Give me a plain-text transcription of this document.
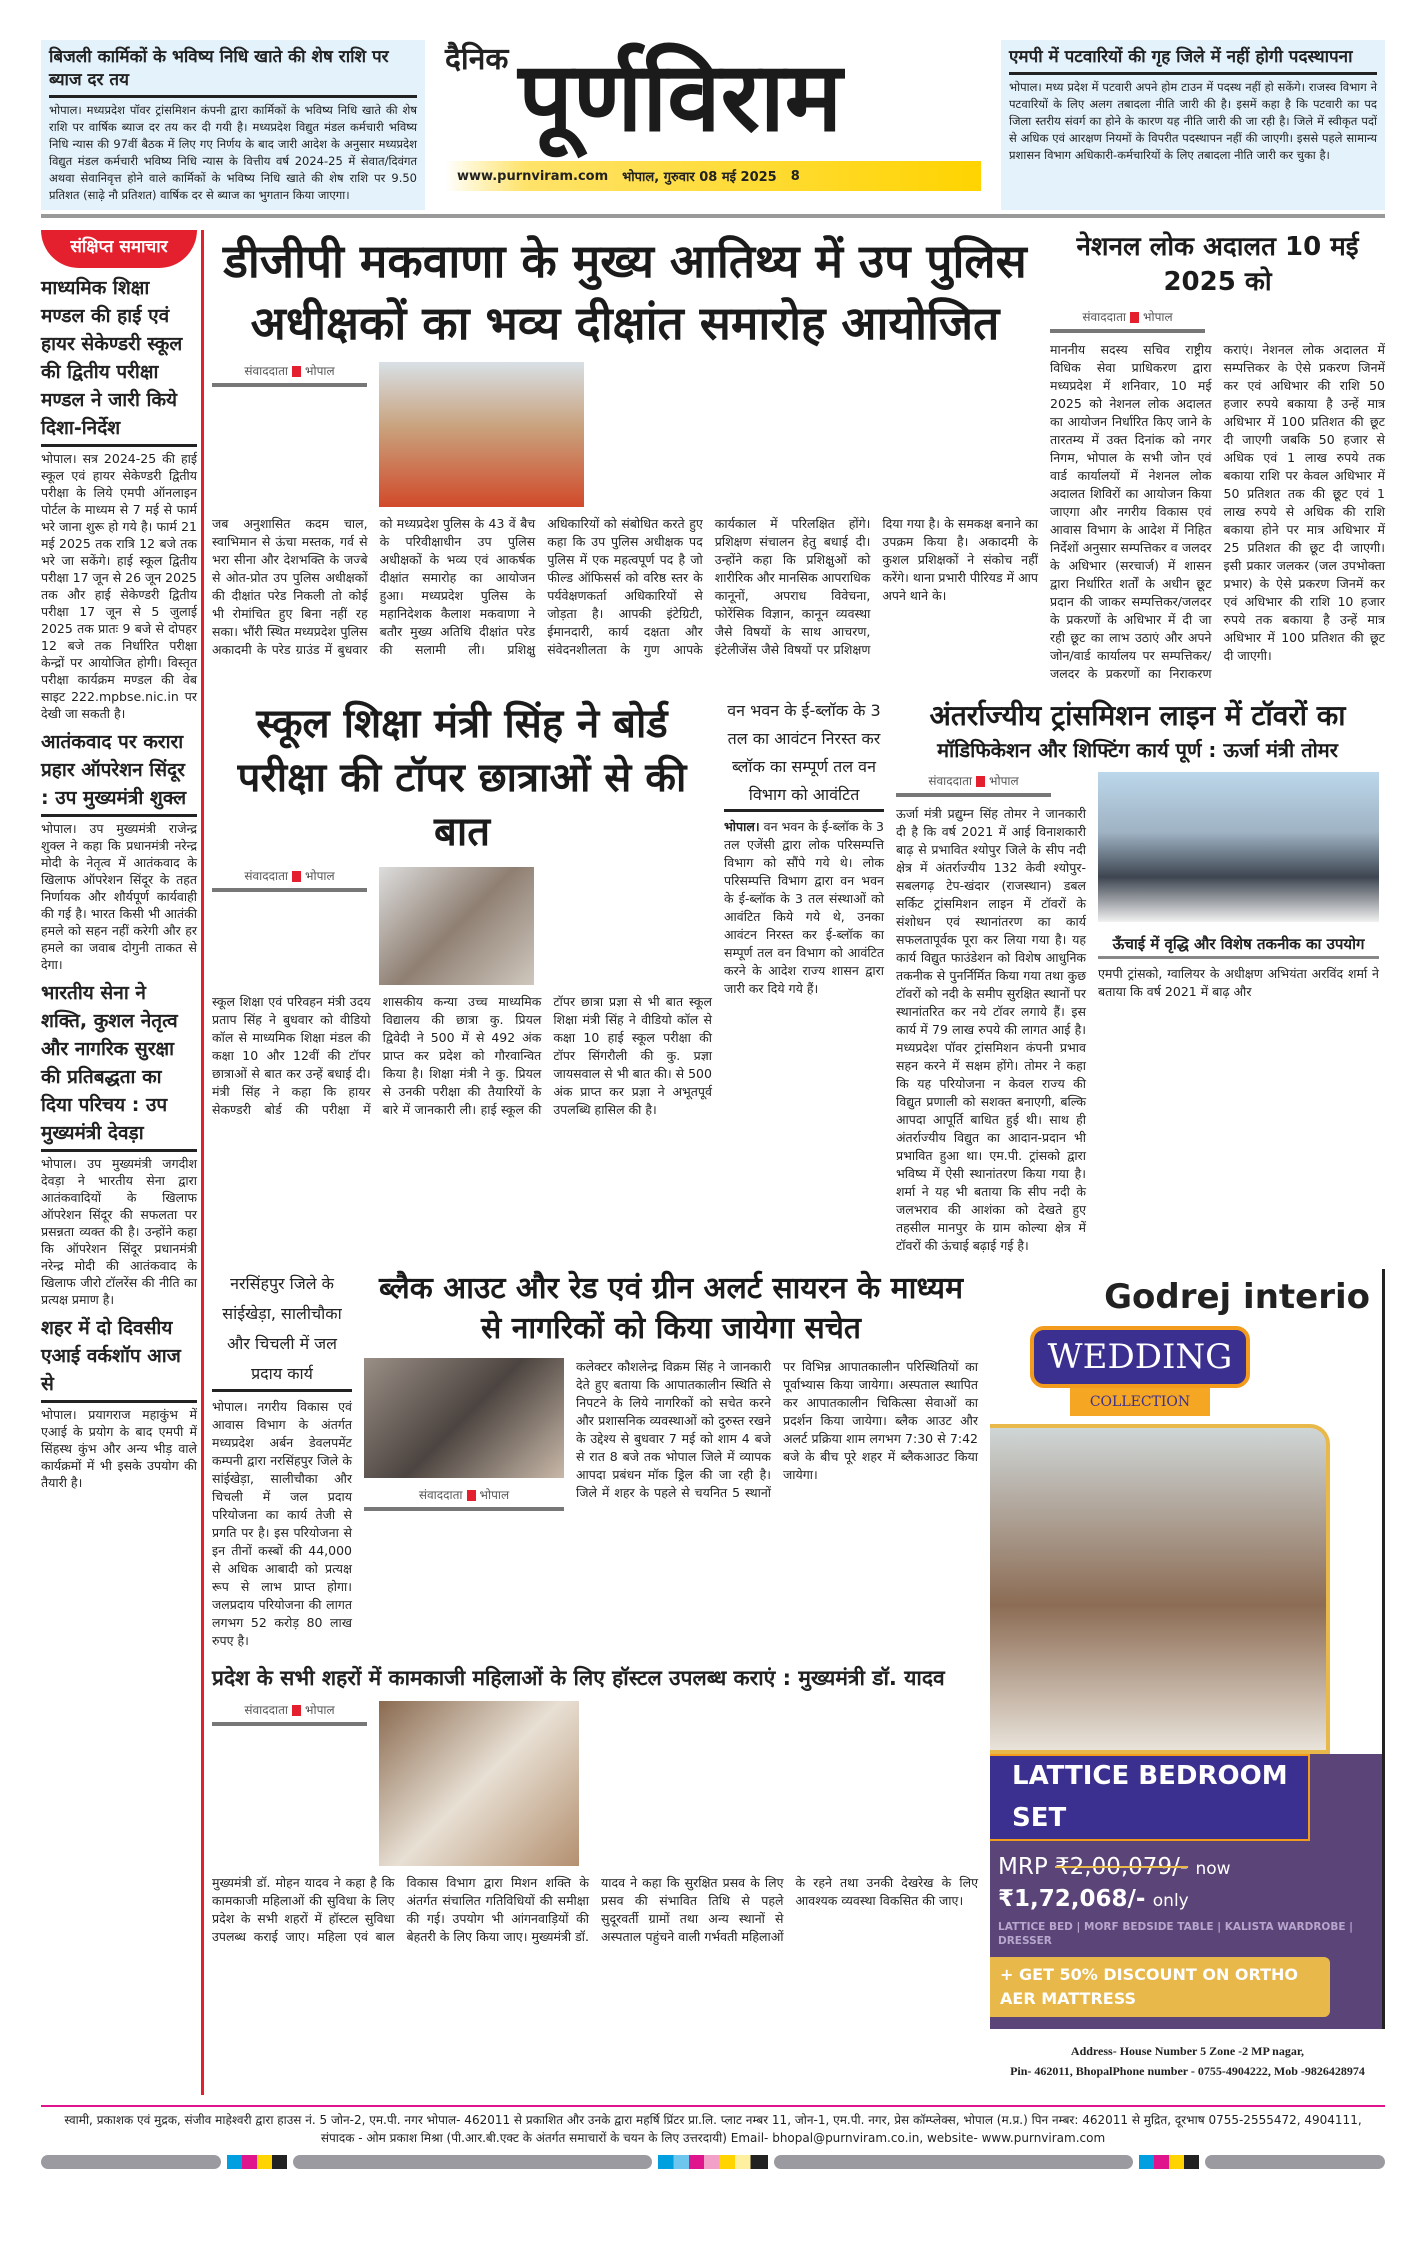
बिजली कार्मिकों के भविष्य निधि खाते की शेष राशि पर ब्याज दर तय

भोपाल। मध्यप्रदेश पॉवर ट्रांसमिशन कंपनी द्वारा कार्मिकों के भविष्य निधि खाते की शेष राशि पर वार्षिक ब्याज दर तय कर दी गयी है। मध्यप्रदेश विद्युत मंडल कर्मचारी भविष्य निधि न्यास की 97वीं बैठक में लिए गए निर्णय के बाद जारी आदेश के अनुसार मध्यप्रदेश विद्युत मंडल कर्मचारी भविष्य निधि न्यास के वित्तीय वर्ष 2024-25 में सेवात/दिवंगत अथवा सेवानिवृत्त होने वाले कार्मिकों के भविष्य निधि खाते की शेष राशि पर 9.50 प्रतिशत (साढ़े नौ प्रतिशत) वार्षिक दर से ब्याज का भुगतान किया जाएगा।

दैनिक पूर्णविराम
www.purnviram.com भोपाल, गुरुवार 08 मई 2025 8
एमपी में पटवारियों की गृह जिले में नहीं होगी पदस्थापना

भोपाल। मध्य प्रदेश में पटवारी अपने होम टाउन में पदस्थ नहीं हो सकेंगे। राजस्व विभाग ने पटवारियों के लिए अलग तबादला नीति जारी की है। इसमें कहा है कि पटवारी का पद जिला स्तरीय संवर्ग का होने के कारण यह नीति जारी की जा रही है। जिले में स्वीकृत पदों से अधिक एवं आरक्षण नियमों के विपरीत पदस्थापन नहीं की जाएगी। इससे पहले सामान्य प्रशासन विभाग अधिकारी-कर्मचारियों के लिए तबादला नीति जारी कर चुका है।

संक्षिप्त समाचार
माध्यमिक शिक्षा मण्डल की हाई एवं हायर सेकेण्डरी स्कूल की द्वितीय परीक्षा मण्डल ने जारी किये दिशा-निर्देश
भोपाल। सत्र 2024-25 की हाई स्कूल एवं हायर सेकेण्डरी द्वितीय परीक्षा के लिये एमपी ऑनलाइन पोर्टल के माध्यम से 7 मई से फार्म भरे जाना शुरू हो गये है। फार्म 21 मई 2025 तक रात्रि 12 बजे तक भरे जा सकेंगे। हाई स्कूल द्वितीय परीक्षा 17 जून से 26 जून 2025 तक और हाई सेकेण्डरी द्वितीय परीक्षा 17 जून से 5 जुलाई 2025 तक प्रातः 9 बजे से दोपहर 12 बजे तक निर्धारित परीक्षा केन्द्रों पर आयोजित होगी। विस्तृत परीक्षा कार्यक्रम मण्डल की वेब साइट 222.mpbse.nic.in पर देखी जा सकती है।
आतंकवाद पर करारा प्रहार ऑपरेशन सिंदूर : उप मुख्यमंत्री शुक्ल
भोपाल। उप मुख्यमंत्री राजेन्द्र शुक्ल ने कहा कि प्रधानमंत्री नरेन्द्र मोदी के नेतृत्व में आतंकवाद के खिलाफ ऑपरेशन सिंदूर के तहत निर्णायक और शौर्यपूर्ण कार्यवाही की गई है। भारत किसी भी आतंकी हमले को सहन नहीं करेगी और हर हमले का जवाब दोगुनी ताकत से देगा।
भारतीय सेना ने शक्ति, कुशल नेतृत्व और नागरिक सुरक्षा की प्रतिबद्धता का दिया परिचय : उप मुख्यमंत्री देवड़ा
भोपाल। उप मुख्यमंत्री जगदीश देवड़ा ने भारतीय सेना द्वारा आतंकवादियों के खिलाफ ऑपरेशन सिंदूर की सफलता पर प्रसन्नता व्यक्त की है। उन्होंने कहा कि ऑपरेशन सिंदूर प्रधानमंत्री नरेन्द्र मोदी की आतंकवाद के खिलाफ जीरो टॉलरेंस की नीति का प्रत्यक्ष प्रमाण है।
शहर में दो दिवसीय एआई वर्कशॉप आज से
भोपाल। प्रयागराज महाकुंभ में एआई के प्रयोग के बाद एमपी में सिंहस्थ कुंभ और अन्य भीड़ वाले कार्यक्रमों में भी इसके उपयोग की तैयारी है।
डीजीपी मकवाणा के मुख्य आतिथ्य में उप पुलिस अधीक्षकों का भव्य दीक्षांत समारोह आयोजित
संवाददाता भोपाल
जब अनुशासित कदम चाल, स्वाभिमान से ऊंचा मस्तक, गर्व से भरा सीना और देशभक्ति के जज्बे से ओत-प्रोत उप पुलिस अधीक्षकों की दीक्षांत परेड निकली तो कोई भी रोमांचित हुए बिना नहीं रह सका। भौंरी स्थित मध्यप्रदेश पुलिस अकादमी के परेड ग्राउंड में बुधवार को मध्यप्रदेश पुलिस के 43 वें बैच के परिवीक्षाधीन उप पुलिस अधीक्षकों के भव्य एवं आकर्षक दीक्षांत समारोह का आयोजन हुआ। मध्यप्रदेश पुलिस के महानिदेशक कैलाश मकवाणा ने बतौर मुख्य अतिथि दीक्षांत परेड की सलामी ली। प्रशिक्षु अधिकारियों को संबोधित करते हुए कहा कि उप पुलिस अधीक्षक पद पुलिस में एक महत्वपूर्ण पद है जो फील्ड ऑफिसर्स को वरिष्ठ स्तर के पर्यवेक्षणकर्ता अधिकारियों से जोड़ता है। आपकी इंटेग्रिटी, ईमानदारी, कार्य दक्षता और संवेदनशीलता के गुण आपके कार्यकाल में परिलक्षित होंगे। प्रशिक्षण संचालन हेतु बधाई दी। उन्होंने कहा कि प्रशिक्षुओं को शारीरिक और मानसिक आपराधिक कानूनों, अपराध विवेचना, फोरेंसिक विज्ञान, कानून व्यवस्था जैसे विषयों के साथ आचरण, इंटेलीजेंस जैसे विषयों पर प्रशिक्षण दिया गया है। के समकक्ष बनाने का उपक्रम किया है। अकादमी के कुशल प्रशिक्षकों ने संकोच नहीं करेंगे। थाना प्रभारी पीरियड में आप अपने थाने के।
नेशनल लोक अदालत 10 मई 2025 को
संवाददाता भोपाल
माननीय सदस्य सचिव राष्ट्रीय विधिक सेवा प्राधिकरण द्वारा मध्यप्रदेश में शनिवार, 10 मई 2025 को नेशनल लोक अदालत का आयोजन निर्धारित किए जाने के तारतम्य में उक्त दिनांक को नगर निगम, भोपाल के सभी जोन एवं वार्ड कार्यालयों में नेशनल लोक अदालत शिविरों का आयोजन किया जाएगा और नगरीय विकास एवं आवास विभाग के आदेश में निहित निर्देशों अनुसार सम्पत्तिकर व जलदर के अधिभार (सरचार्ज) में शासन द्वारा निर्धारित शर्तों के अधीन छूट प्रदान की जाकर सम्पत्तिकर/जलदर के प्रकरणों के अधिभार में दी जा रही छूट का लाभ उठाएं और अपने जोन/वार्ड कार्यालय पर सम्पत्तिकर/जलदर के प्रकरणों का निराकरण कराएं। नेशनल लोक अदालत में सम्पत्तिकर के ऐसे प्रकरण जिनमें कर एवं अधिभार की राशि 50 हजार रुपये बकाया है उन्हें मात्र अधिभार में 100 प्रतिशत की छूट दी जाएगी जबकि 50 हजार से अधिक एवं 1 लाख रुपये तक बकाया राशि पर केवल अधिभार में 50 प्रतिशत तक की छूट एवं 1 लाख रुपये से अधिक की राशि बकाया होने पर मात्र अधिभार में 25 प्रतिशत की छूट दी जाएगी। इसी प्रकार जलकर (जल उपभोक्ता प्रभार) के ऐसे प्रकरण जिनमें कर एवं अधिभार की राशि 10 हजार रुपये तक बकाया है उन्हें मात्र अधिभार में 100 प्रतिशत की छूट दी जाएगी।
स्कूल शिक्षा मंत्री सिंह ने बोर्ड परीक्षा की टॉपर छात्राओं से की बात
संवाददाता भोपाल
स्कूल शिक्षा एवं परिवहन मंत्री उदय प्रताप सिंह ने बुधवार को वीडियो कॉल से माध्यमिक शिक्षा मंडल की कक्षा 10 और 12वीं की टॉपर छात्राओं से बात कर उन्हें बधाई दी। मंत्री सिंह ने कहा कि हायर सेकण्डरी बोर्ड की परीक्षा में शासकीय कन्या उच्च माध्यमिक विद्यालय की छात्रा कु. प्रियल द्विवेदी ने 500 में से 492 अंक प्राप्त कर प्रदेश को गौरवान्वित किया है। शिक्षा मंत्री ने कु. प्रियल से उनकी परीक्षा की तैयारियों के बारे में जानकारी ली। हाई स्कूल की टॉपर छात्रा प्रज्ञा से भी बात स्कूल शिक्षा मंत्री सिंह ने वीडियो कॉल से कक्षा 10 हाई स्कूल परीक्षा की टॉपर सिंगरौली की कु. प्रज्ञा जायसवाल से भी बात की। से 500 अंक प्राप्त कर प्रज्ञा ने अभूतपूर्व उपलब्धि हासिल की है।
वन भवन के ई-ब्लॉक के 3 तल का आवंटन निरस्त कर ब्लॉक का सम्पूर्ण तल वन विभाग को आवंटित
भोपाल। वन भवन के ई-ब्लॉक के 3 तल एजेंसी द्वारा लोक परिसम्पत्ति विभाग को सौंपे गये थे। लोक परिसम्पत्ति विभाग द्वारा वन भवन के ई-ब्लॉक के 3 तल संस्थाओं को आवंटित किये गये थे, उनका आवंटन निरस्त कर ई-ब्लॉक का सम्पूर्ण तल वन विभाग को आवंटित करने के आदेश राज्य शासन द्वारा जारी कर दिये गये हैं।
अंतर्राज्यीय ट्रांसमिशन लाइन में टॉवरों का
मॉडिफिकेशन और शिफ्टिंग कार्य पूर्ण : ऊर्जा मंत्री तोमर
संवाददाता भोपाल
ऊर्जा मंत्री प्रद्युम्न सिंह तोमर ने जानकारी दी है कि वर्ष 2021 में आई विनाशकारी बाढ़ से प्रभावित श्योपुर जिले के सीप नदी क्षेत्र में अंतर्राज्यीय 132 केवी श्योपुर-सबलगढ़ टेप-खंदार (राजस्थान) डबल सर्किट ट्रांसमिशन लाइन में टॉवरों के संशोधन एवं स्थानांतरण का कार्य सफलतापूर्वक पूरा कर लिया गया है। यह कार्य विद्युत फाउंडेशन को विशेष आधुनिक तकनीक से पुनर्निर्मित किया गया तथा कुछ टॉवरों को नदी के समीप सुरक्षित स्थानों पर स्थानांतरित कर नये टॉवर लगाये हैं। इस कार्य में 79 लाख रुपये की लागत आई है। मध्यप्रदेश पॉवर ट्रांसमिशन कंपनी प्रभाव सहन करने में सक्षम होंगे। तोमर ने कहा कि यह परियोजना न केवल राज्य की विद्युत प्रणाली को सशक्त बनाएगी, बल्कि आपदा आपूर्ति बाधित हुई थी। साथ ही अंतर्राज्यीय विद्युत का आदान-प्रदान भी प्रभावित हुआ था। एम.पी. ट्रांसको द्वारा भविष्य में ऐसी स्थानांतरण किया गया है। शर्मा ने यह भी बताया कि सीप नदी के जलभराव की आशंका को देखते हुए तहसील मानपुर के ग्राम कोल्या क्षेत्र में टॉवरों की ऊंचाई बढ़ाई गई है।
ऊँचाई में वृद्धि और विशेष तकनीक का उपयोग
एमपी ट्रांसको, ग्वालियर के अधीक्षण अभियंता अरविंद शर्मा ने बताया कि वर्ष 2021 में बाढ़ और
नरसिंहपुर जिले के सांईखेड़ा, सालीचौका और चिचली में जल प्रदाय कार्य
भोपाल। नगरीय विकास एवं आवास विभाग के अंतर्गत मध्यप्रदेश अर्बन डेवलपमेंट कम्पनी द्वारा नरसिंहपुर जिले के सांईखेड़ा, सालीचौका और चिचली में जल प्रदाय परियोजना का कार्य तेजी से प्रगति पर है। इस परियोजना से इन तीनों कस्बों की 44,000 से अधिक आबादी को प्रत्यक्ष रूप से लाभ प्राप्त होगा। जलप्रदाय परियोजना की लागत लगभग 52 करोड़ 80 लाख रुपए है।
ब्लैक आउट और रेड एवं ग्रीन अलर्ट सायरन के माध्यम से नागरिकों को किया जायेगा सचेत
संवाददाता भोपाल
कलेक्टर कौशलेन्द्र विक्रम सिंह ने जानकारी देते हुए बताया कि आपातकालीन स्थिति से निपटने के लिये नागरिकों को सचेत करने और प्रशासनिक व्यवस्थाओं को दुरुस्त रखने के उद्देश्य से बुधवार 7 मई को शाम 4 बजे से रात 8 बजे तक भोपाल जिले में व्यापक आपदा प्रबंधन मॉक ड्रिल की जा रही है। जिले में शहर के पहले से चयनित 5 स्थानों पर विभिन्न आपातकालीन परिस्थितियों का पूर्वाभ्यास किया जायेगा। अस्पताल स्थापित कर आपातकालीन चिकित्सा सेवाओं का प्रदर्शन किया जायेगा। ब्लैक आउट और अलर्ट प्रक्रिया शाम लगभग 7:30 से 7:42 बजे के बीच पूरे शहर में ब्लैकआउट किया जायेगा।
प्रदेश के सभी शहरों में कामकाजी महिलाओं के लिए हॉस्टल उपलब्ध कराएं : मुख्यमंत्री डॉ. यादव
संवाददाता भोपाल
मुख्यमंत्री डॉ. मोहन यादव ने कहा है कि कामकाजी महिलाओं की सुविधा के लिए प्रदेश के सभी शहरों में हॉस्टल सुविधा उपलब्ध कराई जाए। महिला एवं बाल विकास विभाग द्वारा मिशन शक्ति के अंतर्गत संचालित गतिविधियों की समीक्षा की गई। उपयोग भी आंगनवाड़ियों की बेहतरी के लिए किया जाए। मुख्यमंत्री डॉ. यादव ने कहा कि सुरक्षित प्रसव के लिए प्रसव की संभावित तिथि से पहले सुदूरवर्ती ग्रामों तथा अन्य स्थानों से अस्पताल पहुंचने वाली गर्भवती महिलाओं के रहने तथा उनकी देखरेख के लिए आवश्यक व्यवस्था विकसित की जाए।
Godrej interio
WEDDING
COLLECTION
LATTICE BEDROOM SET
MRP ₹2,00,079/- now ₹1,72,068/- only
LATTICE BED | MORF BEDSIDE TABLE | KALISTA WARDROBE | DRESSER
+ GET 50% DISCOUNT ON ORTHO AER MATTRESS
Address- House Number 5 Zone -2 MP nagar,
Pin- 462011, BhopalPhone number - 0755-4904222, Mob -9826428974
स्वामी, प्रकाशक एवं मुद्रक, संजीव माहेश्वरी द्वारा हाउस नं. 5 जोन-2, एम.पी. नगर भोपाल- 462011 से प्रकाशित और उनके द्वारा महर्षि प्रिंटर प्रा.लि. प्लाट नम्बर 11, जोन-1, एम.पी. नगर, प्रेस कॉम्प्लेक्स, भोपाल (म.प्र.) पिन नम्बर: 462011 से मुद्रित, दूरभाष 0755-2555472, 4904111,
संपादक - ओम प्रकाश मिश्रा (पी.आर.बी.एक्ट के अंतर्गत समाचारों के चयन के लिए उत्तरदायी) Email- bhopal@purnviram.co.in, website- www.purnviram.com
